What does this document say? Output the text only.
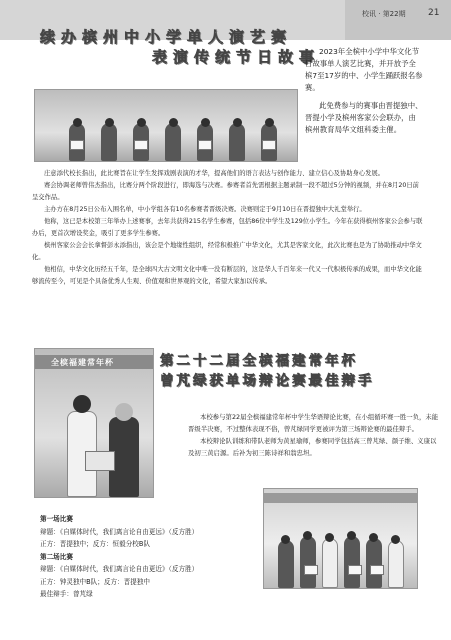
校讯 · 第22期 21
续办槟州中小学单人演艺赛
表演传统节日故事

2023年全槟中小学中华文化节日故事单人演艺比赛，并开放予全槟7至17岁的中、小学生踊跃报名参赛。

此免费参与的赛事由晋提独中、晋提小学及槟州客家公会联办，由槟州教育局华文组科委主催。

庄意添代校长指出，此比赛旨在让学生发挥戏剧表演的才华，提高他们的语言表达与创作能力、建立信心及协助身心发展。

赛会协调老师曾伟杰指出，比赛分两个阶段进行，即海选与决赛。参赛者首先需根据主题录制一段不超过5分钟的视频，并在8月20日前呈交作品。

主办方在8月25日公布入围名单，中小学组各有10名参赛者晋级决赛。决赛则定于9月10日在晋提独中大礼堂举行。

他称，这已是本校第三年举办上述赛事，去年共获得215名学生参赛，包括86位中学生及129位小学生。今年在获得槟州客家公会参与联办后，更首次增设奖金，吸引了更多学生参赛。

槟州客家公会会长拿督彭永添指出，该会是个地缘性组织，经常积极推广中华文化，尤其是客家文化，此次比赛也是为了协助推动中华文化。

他相信，中华文化历经五千年，是全球四大古文明文化中唯一没有断层的，这是华人千百年来一代又一代积极传承的成果，而中华文化能够流传至今，可见是个具备优秀人生观、价值观和世界观的文化，希望大家加以传承。

全槟福建常年杯	第二十二届全槟福建常年杯
曾芃绿获单场辩论赛最佳辩手

本校参与第22届全槟福建常年杯中学生华语辩论比赛，在小组循环赛一胜一负，未能晋级半决赛，不过整体表现不俗，曾芃绿同学更被评为第三场辩论赛的最佳辩手。

本校辩论队训练和带队老师为黄星瑜师，参赛同学包括高三曾芃绿、颜子维、义康以及初三黄启源。后补为初三陈诗祥和翁忠坦。

第一场比赛
辩题：《自媒体时代，我们离言论自由更远》（反方胜）
正方：晋提独中；反方：恒毅分校B队
第二场比赛
辩题：《自媒体时代，我们离言论自由更近》（反方胜）
正方：钟灵独中B队；反方：晋提独中
最佳辩手：曾芃绿
